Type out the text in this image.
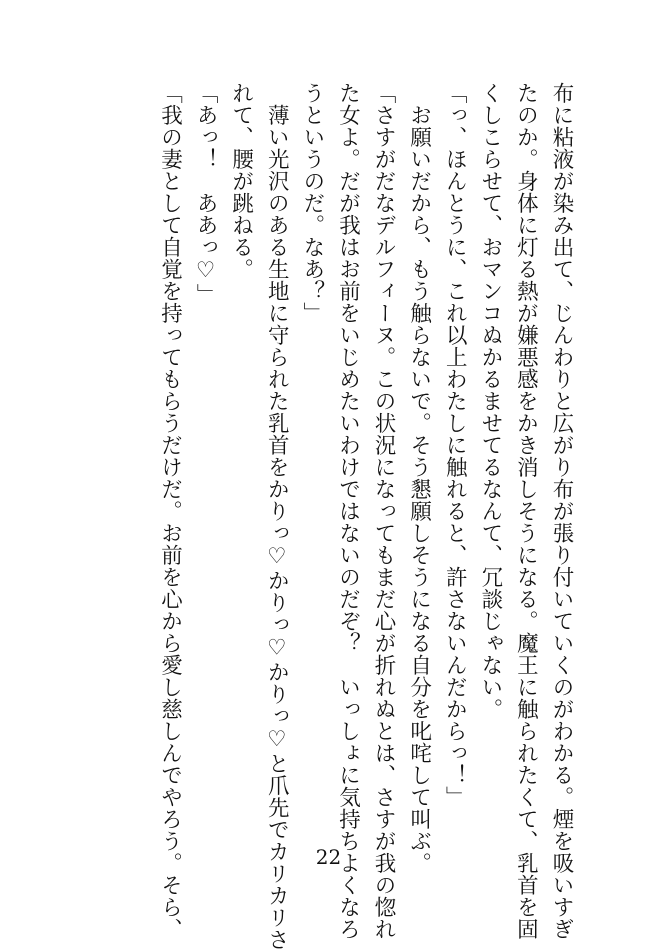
布に粘液が染み出て、じんわりと広がり布が張り付いていくのがわかる。煙を吸いすぎ
たのか。身体に灯る熱が嫌悪感をかき消しそうになる。魔王に触られたくて、乳首を固
くしこらせて、おマンコぬかるませてるなんて、冗談じゃない。
「っ、ほんとうに、これ以上わたしに触れると、許さないんだからっ！」
　お願いだから、もう触らないで。そう懇願しそうになる自分を叱咤して叫ぶ。
「さすがだなデルフィーヌ。この状況になってもまだ心が折れぬとは、さすが我の惚れ
た女よ。だが我はお前をいじめたいわけではないのだぞ？　いっしょに気持ちよくなろ
うというのだ。なあ？」
　薄い光沢のある生地に守られた乳首をかりっ♡かりっ♡かりっ♡と爪先でカリカリさ
れて、腰が跳ねる。
「あっ！　ああっ♡」
「我の妻として自覚を持ってもらうだけだ。お前を心から愛し慈しんでやろう。そら、	22
